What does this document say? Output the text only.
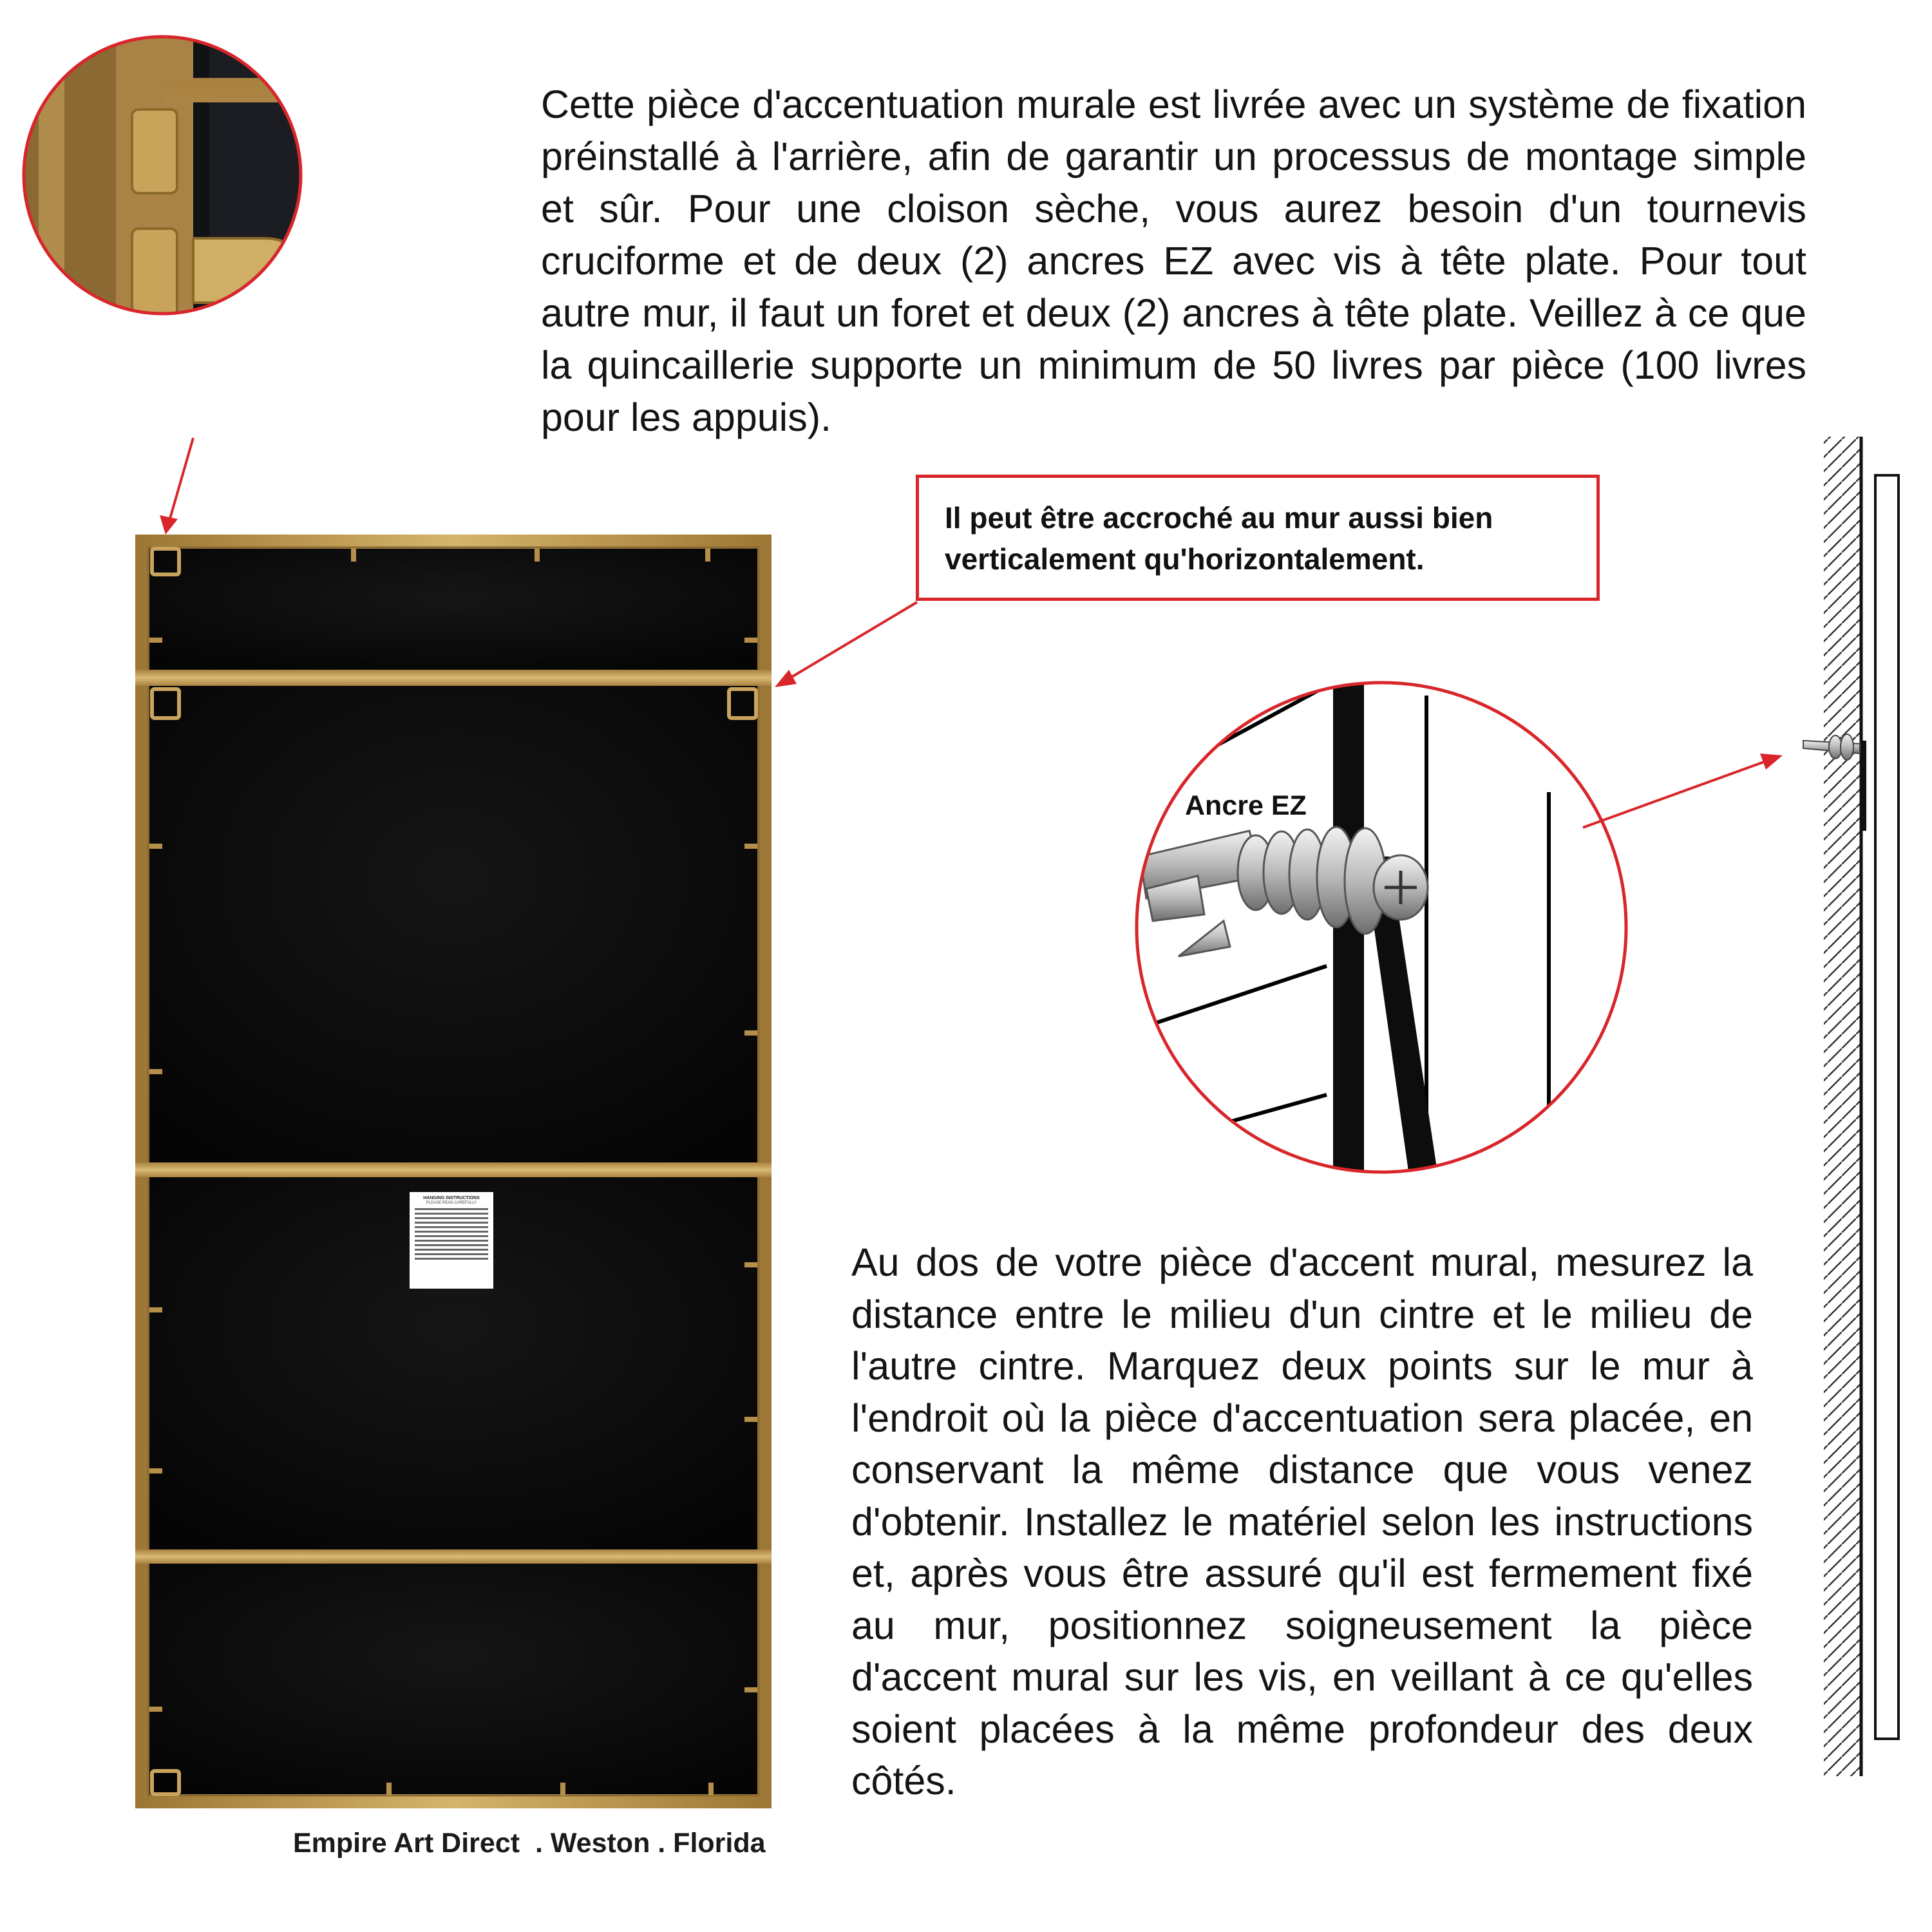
Cette pièce d'accentuation murale est livrée avec un système de fixation préinstallé à l'arrière, afin de garantir un processus de montage simple et sûr. Pour une cloison sèche, vous aurez besoin d'un tournevis cruciforme et de deux (2) ancres EZ avec vis à tête plate. Pour tout autre mur, il faut un foret et deux (2) ancres à tête plate. Veillez à ce que la quincaillerie supporte un minimum de 50 livres par pièce (100 livres pour les appuis).
Il peut être accroché au mur aussi bien verticalement qu'horizontalement.
Ancre EZ
HANGING INSTRUCTIONS
PLEASE READ CAREFULLY
Au dos de votre pièce d'accent mural, mesurez la distance entre le milieu d'un cintre et le milieu de l'autre cintre. Marquez deux points sur le mur à l'endroit où la pièce d'accentuation sera placée, en conservant la même distance que vous venez d'obtenir. Installez le matériel selon les instructions et, après vous être assuré qu'il est fermement fixé au mur, positionnez soigneusement la pièce d'accent mural sur les vis, en veillant à ce qu'elles soient placées à la même profondeur des deux côtés.
Empire Art Direct  . Weston . Florida
